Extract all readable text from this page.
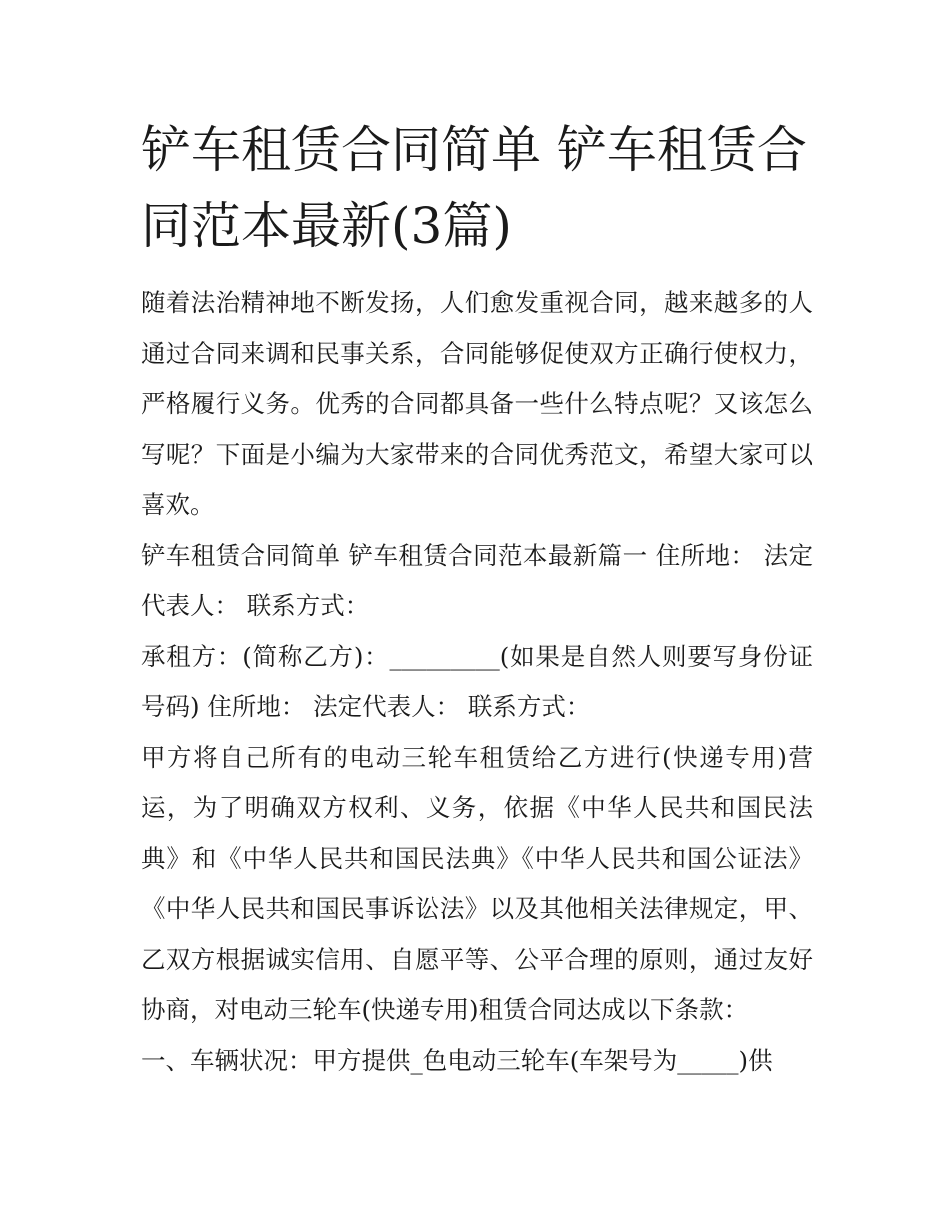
铲车租赁合同简单 铲车租赁合同范本最新(3篇)

随着法治精神地不断发扬，人们愈发重视合同，越来越多的人通过合同来调和民事关系，合同能够促使双方正确行使权力，严格履行义务。优秀的合同都具备一些什么特点呢？又该怎么写呢？下面是小编为大家带来的合同优秀范文，希望大家可以喜欢。

铲车租赁合同简单 铲车租赁合同范本最新篇一 住所地： 法定代表人： 联系方式：

承租方：(简称乙方)：_________(如果是自然人则要写身份证号码) 住所地： 法定代表人： 联系方式：

甲方将自己所有的电动三轮车租赁给乙方进行(快递专用)营运，为了明确双方权利、义务，依据《中华人民共和国民法典》和《中华人民共和国民法典》《中华人民共和国公证法》《中华人民共和国民事诉讼法》以及其他相关法律规定，甲、乙双方根据诚实信用、自愿平等、公平合理的原则，通过友好协商，对电动三轮车(快递专用)租赁合同达成以下条款：

一、车辆状况：甲方提供_色电动三轮车(车架号为_____)供
